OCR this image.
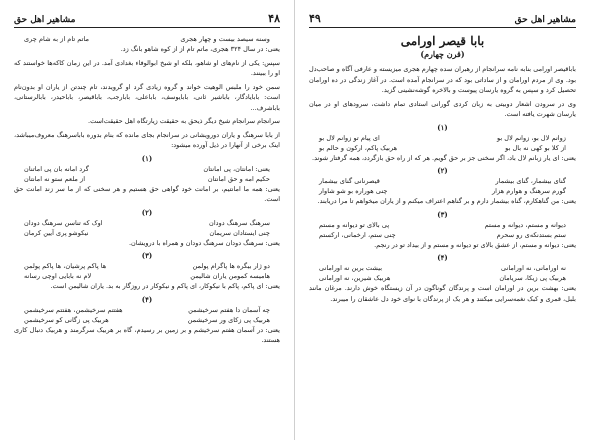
۴۸
مشاهیر اهل حق
وسنه سیصد بیست و چهار هجری
ماتم تام از به شام چری

یعنی: در سال ۳۲۴ هجری، ماتم تام از از کوه شاهو بانگ زد.

سپس: یکی از نام‌های او شاهو، بلکه او شیخ ابوالوفاء بغدادی آمد. در این زمان کاکه‌ها خواستند که او را ببینند.

سمن خود را ملبس الوهیت خواند و گروه زیادی گرد او گرویدند، تام چندتن از یاران او بدون‌نام است: بابایادگار، باباشیر ثانی، بابایوسف، باباعلی، بابا‌رجب، باباقیصر، بابا‌حیدر، بابا‌لرستانی، بابا‌شرف...

سرانجام سرانجام شیخ دیگر ذیحق به حقیقت زیارتگاه اهل حقیقت‌است.

از بابا سرهنگ و یاران دورویشانی در سرانجام بجای مانده که بنام بدوره بابا‌سرهنگ معروف‌میباشد، اینک برخی از آنهارا در ذیل آورده میشود:

(۱)
یعنی: امانتان، پی امانتان
گرد امانه بان پی اماتنان
حکیم امه و حق امانتان
از ملعم ستو نه امانتان

یعنی: همه ما امانتیم، بر امانت خود گواهی حق هستیم و هر سخنی که از ما سر زند امانت حق است.

(۲)
سرهنگ سرهنگ دودان
اوک که تناسن سرهنگ دودان
چنی ایستادان سریمان
نیکوشو پری آیین کرمان

یعنی: سرهنگ دودان سرهنگ دودان و همراه با درویشان.

(۳)
دو ژار بیگره ها پاگرام پولمن
ها پاکم پرشیان، ها پاکم پولمن
هامیسه کمومن یاران شالیمن
لام نه بابایی اوچی رسانه

یعنی: ای پاکم، پاکم با نیکوکار، ای پاکم و نیکوکار در روزگار به بد. یاران شالیمن است.

(۴)
چه آسمان دا هفتم سرخیشمن
هفتتم سرخیشمن، هفتتم سرخیشمن
هربیک پی زکای ور سرخیشمن
هربیک پی زگانی کو سرخیشمن

یعنی: در آسمان هفتم سرخیشم و بر زمین بر رسیدم، گاه بر هربیک سرگرمند و هربیک دنبال کاری هستند.

مشاهیر اهل حق
۴۹
بابا قیصر اورامی
(قرن چهارم)

بابا‌قیصر اورامی بنابه نامه سرانجام از رهبران سده چهارم هجری میزیسته و عارفی آگاه و صاحب‌دل بود. وی از مردم اورامان و از ساداتی بود که در سرانجام آمده است. در آغاز زندگی در ده اورامان تحصیل کرد و سپس به گروه یارسان پیوست و بالاخره گوشه‌نشینی گزید.

وی در سرودن اشعار دوبیتی به زبان کردی گورانی استادی تمام داشت، سرودهای او در میان یارسان شهرت یافته است.

(۱)
زوانم لال بو، زوانم لال بو
ای پیام تو زوانم لال بو
از کلا بو کهی نه بال بو
هربیک پاکم، ارکون و حالم بو

یعنی: ای یار زبانم لال باد، اگر سخنی جز بر حق گویم. هر که از راه حق بازگردد، همه گرفتار شوند.

(۲)
گنای بیشمار، گنای بیشمار
قیصرنانی گنای بیشمار
گورم سرهنگ و هوارم هزار
چنی هوراره بو شو شاوار

یعنی: من گناهکارم، گناه بیشمار دارم و بر گناهم اعتراف میکنم و از یاران میخواهم تا مرا دریابند.

(۳)
دیوانه و مستم، دیوانه و مستم
پی بالای تو دیوانه و مستم
ستم بستدنکه‌ی رو سحرم
چنی ستم، ارخمانی، ارکستم

یعنی: دیوانه و مستم، از عشق بالای تو دیوانه و مستم و از بیداد تو در رنجم.

(۴)
نه اورامانی، نه اورامانی
بیشت برین نه اورامانی
هربیک پی زیکا، سریامان
هربیک شیرین، نه اورامانی

یعنی: بهشت برین در اورامان است و پرندگان گوناگون در آن زیستگاه خوش دارند. مرغان مانند بلبل، قمری و کبک نغمه‌سرایی میکنند و هر یک از پرندگان با نوای خود دل عاشقان را میبرند.
